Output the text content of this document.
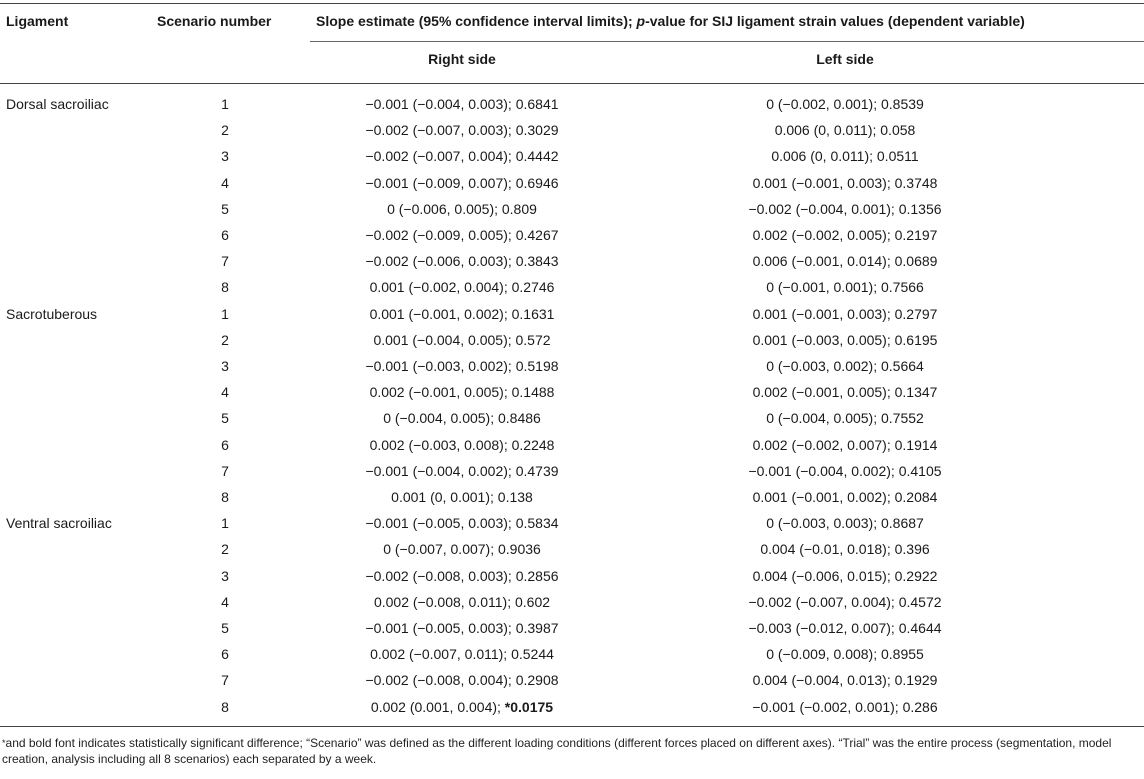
Ligament	Scenario number	Slope estimate (95% confidence interval limits); p-value for SIJ ligament strain values (dependent variable)
Right side	Left side
Dorsal sacroiliac	1	−0.001 (−0.004, 0.003); 0.6841	0 (−0.002, 0.001); 0.8539
2	−0.002 (−0.007, 0.003); 0.3029	0.006 (0, 0.011); 0.058
3	−0.002 (−0.007, 0.004); 0.4442	0.006 (0, 0.011); 0.0511
4	−0.001 (−0.009, 0.007); 0.6946	0.001 (−0.001, 0.003); 0.3748
5	0 (−0.006, 0.005); 0.809	−0.002 (−0.004, 0.001); 0.1356
6	−0.002 (−0.009, 0.005); 0.4267	0.002 (−0.002, 0.005); 0.2197
7	−0.002 (−0.006, 0.003); 0.3843	0.006 (−0.001, 0.014); 0.0689
8	0.001 (−0.002, 0.004); 0.2746	0 (−0.001, 0.001); 0.7566
Sacrotuberous	1	0.001 (−0.001, 0.002); 0.1631	0.001 (−0.001, 0.003); 0.2797
2	0.001 (−0.004, 0.005); 0.572	0.001 (−0.003, 0.005); 0.6195
3	−0.001 (−0.003, 0.002); 0.5198	0 (−0.003, 0.002); 0.5664
4	0.002 (−0.001, 0.005); 0.1488	0.002 (−0.001, 0.005); 0.1347
5	0 (−0.004, 0.005); 0.8486	0 (−0.004, 0.005); 0.7552
6	0.002 (−0.003, 0.008); 0.2248	0.002 (−0.002, 0.007); 0.1914
7	−0.001 (−0.004, 0.002); 0.4739	−0.001 (−0.004, 0.002); 0.4105
8	0.001 (0, 0.001); 0.138	0.001 (−0.001, 0.002); 0.2084
Ventral sacroiliac	1	−0.001 (−0.005, 0.003); 0.5834	0 (−0.003, 0.003); 0.8687
2	0 (−0.007, 0.007); 0.9036	0.004 (−0.01, 0.018); 0.396
3	−0.002 (−0.008, 0.003); 0.2856	0.004 (−0.006, 0.015); 0.2922
4	0.002 (−0.008, 0.011); 0.602	−0.002 (−0.007, 0.004); 0.4572
5	−0.001 (−0.005, 0.003); 0.3987	−0.003 (−0.012, 0.007); 0.4644
6	0.002 (−0.007, 0.011); 0.5244	0 (−0.009, 0.008); 0.8955
7	−0.002 (−0.008, 0.004); 0.2908	0.004 (−0.004, 0.013); 0.1929
8	0.002 (0.001, 0.004); *0.0175	−0.001 (−0.002, 0.001); 0.286
*and bold font indicates statistically significant difference; “Scenario” was defined as the different loading conditions (different forces placed on different axes). “Trial” was the entire process (segmentation, model creation, analysis including all 8 scenarios) each separated by a week.
